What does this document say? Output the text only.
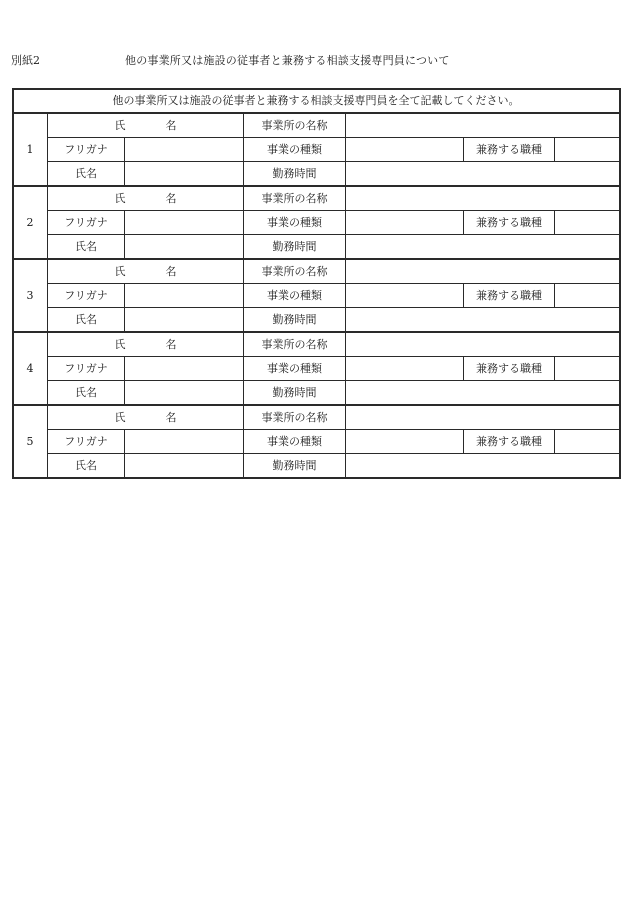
別紙2	他の事業所又は施設の従事者と兼務する相談支援専門員について
他の事業所又は施設の従事者と兼務する相談支援専門員を全て記載してください。						
1	氏 名		事業所の名称			
	フリガナ		事業の種類		兼務する職種	
	氏名		勤務時間			
2	氏 名		事業所の名称			
	フリガナ		事業の種類		兼務する職種	
	氏名		勤務時間			
3	氏 名		事業所の名称			
	フリガナ		事業の種類		兼務する職種	
	氏名		勤務時間			
4	氏 名		事業所の名称			
	フリガナ		事業の種類		兼務する職種	
	氏名		勤務時間			
5	氏 名		事業所の名称			
	フリガナ		事業の種類		兼務する職種	
	氏名		勤務時間			
